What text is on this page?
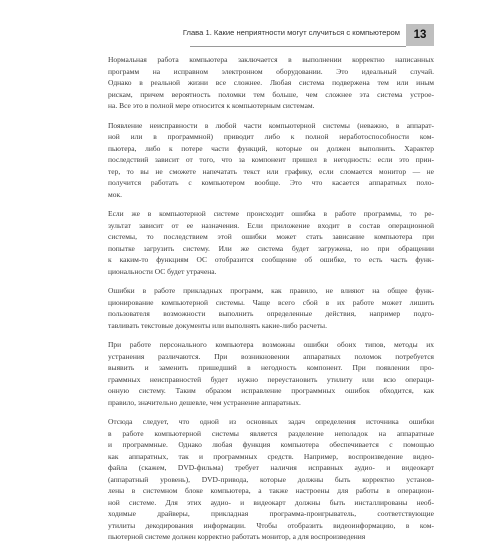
Глава 1. Какие неприятности могут случиться с компьютером	13
Нормальная работа компьютера заключается в выполнении корректно написанных
программ на исправном электронном оборудовании. Это идеальный случай.
Однако в реальной жизни все сложнее. Любая система подвержена тем или иным
рискам, причем вероятность поломки тем больше, чем сложнее эта система устрое-
на. Все это в полной мере относится к компьютерным системам.
Появление неисправности в любой части компьютерной системы (неважно, в аппарат-
ной или в программной) приводит либо к полной неработоспособности ком-
пьютера, либо к потере части функций, которые он должен выполнить. Характер
последствий зависит от того, что за компонент пришел в негодность: если это прин-
тер, то вы не сможете напечатать текст или графику, если сломается монитор — не
получится работать с компьютером вообще. Это что касается аппаратных поло-
мок.
Если же в компьютерной системе происходит ошибка в работе программы, то ре-
зультат зависит от ее назначения. Если приложение входит в состав операционной
системы, то последствием этой ошибки может стать зависание компьютера при
попытке загрузить систему. Или же система будет загружена, но при обращении
к каким-то функциям ОС отобразится сообщение об ошибке, то есть часть функ-
циональности ОС будет утрачена.
Ошибки в работе прикладных программ, как правило, не влияют на общее функ-
ционирование компьютерной системы. Чаще всего сбой в их работе может лишить
пользователя возможности выполнить определенные действия, например подго-
тавливать текстовые документы или выполнять какие-либо расчеты.
При работе персонального компьютера возможны ошибки обоих типов, методы их
устранения различаются. При возникновении аппаратных поломок потребуется
выявить и заменить пришедший в негодность компонент. При появлении про-
граммных неисправностей будет нужно переустановить утилиту или всю операци-
онную систему. Таким образом исправление программных ошибок обходится, как
правило, значительно дешевле, чем устранение аппаратных.
Отсюда следует, что одной из основных задач определения источника ошибки
в работе компьютерной системы является разделение неполадок на аппаратные
и программные. Однако любая функция компьютера обеспечивается с помощью
как аппаратных, так и программных средств. Например, воспроизведение видео-
файла (скажем, DVD-фильма) требует наличия исправных аудио- и видеокарт
(аппаратный уровень), DVD-привода, которые должны быть корректно установ-
лены в системном блоке компьютера, а также настроены для работы в операцион-
ной системе. Для этих аудио- и видеокарт должны быть инсталлированы необ-
ходимые драйверы, прикладная программа-проигрыватель, соответствующие
утилиты декодирования информации. Чтобы отобразить видеоинформацию, в ком-
пьютерной системе должен корректно работать монитор, а для воспроизведения
